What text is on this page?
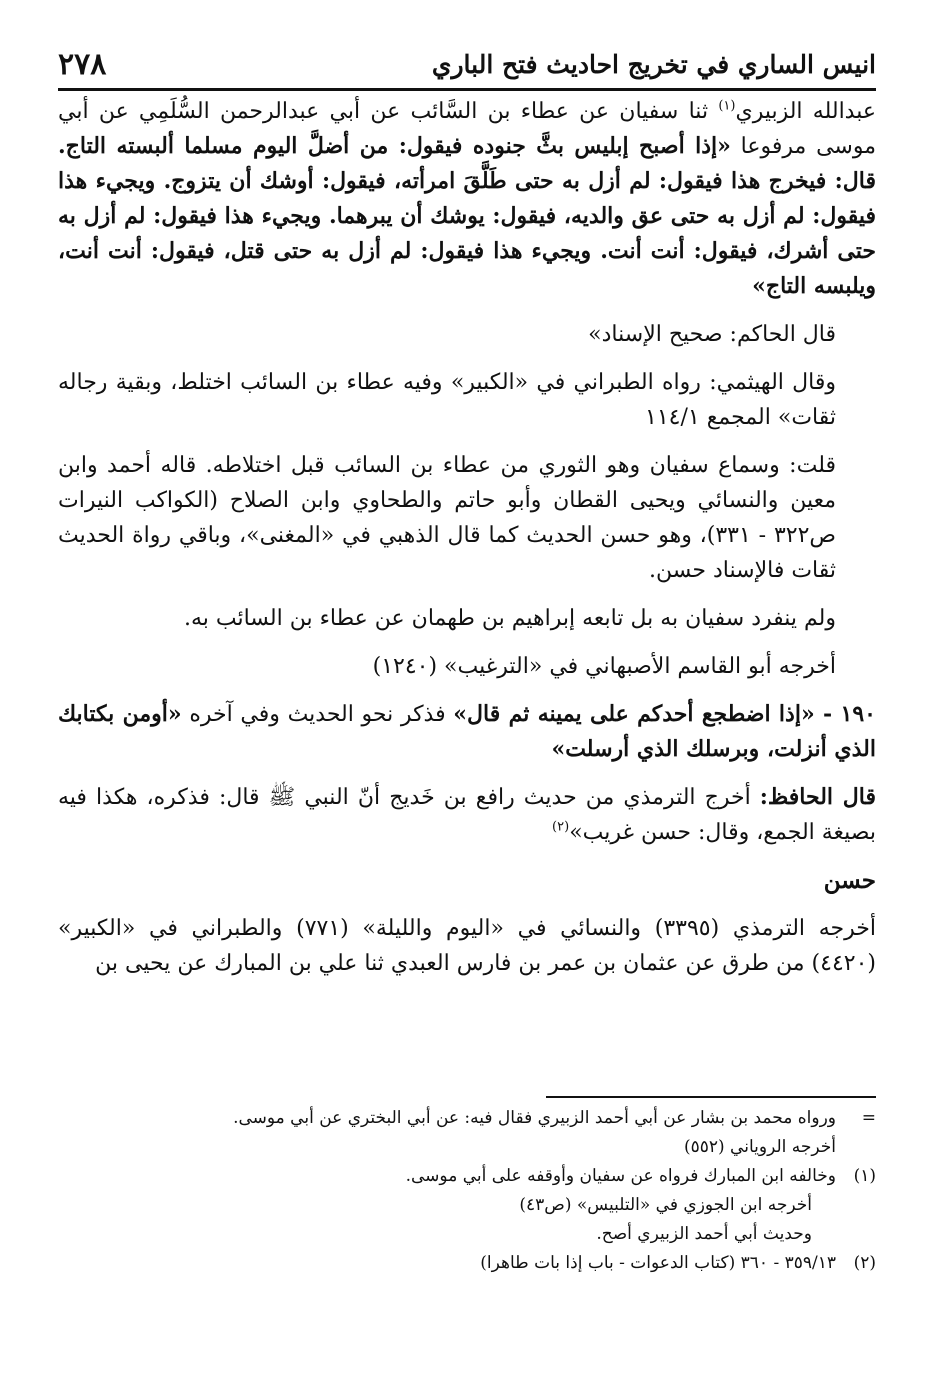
٢٧٨	انيس الساري في تخريج احاديث فتح الباري

عبدالله الزبيري$^{(١)}$ ثنا سفيان عن عطاء بن السَّائب عن أبي عبدالرحمن السُّلَمِي عن أبي موسى مرفوعا «إذا أصبح إبليس بثَّ جنوده فيقول: من أضلَّ اليوم مسلما ألبسته التاج. قال: فيخرج هذا فيقول: لم أزل به حتى طَلَّقَ امرأته، فيقول: أوشك أن يتزوج. ويجيء هذا فيقول: لم أزل به حتى عق والديه، فيقول: يوشك أن يبرهما. ويجيء هذا فيقول: لم أزل به حتى أشرك، فيقول: أنت أنت. ويجيء هذا فيقول: لم أزل به حتى قتل، فيقول: أنت أنت، ويلبسه التاج»

قال الحاكم: صحيح الإسناد»

وقال الهيثمي: رواه الطبراني في «الكبير» وفيه عطاء بن السائب اختلط، وبقية رجاله ثقات» المجمع ١١٤/١

قلت: وسماع سفيان وهو الثوري من عطاء بن السائب قبل اختلاطه. قاله أحمد وابن معين والنسائي ويحيى القطان وأبو حاتم والطحاوي وابن الصلاح (الكواكب النيرات ص٣٢٢ - ٣٣١)، وهو حسن الحديث كما قال الذهبي في «المغنى»، وباقي رواة الحديث ثقات فالإسناد حسن.

ولم ينفرد سفيان به بل تابعه إبراهيم بن طهمان عن عطاء بن السائب به.

أخرجه أبو القاسم الأصبهاني في «الترغيب» (١٢٤٠)

١٩٠ - «إذا اضطجع أحدكم على يمينه ثم قال» فذكر نحو الحديث وفي آخره «أومن بكتابك الذي أنزلت، وبرسلك الذي أرسلت»

قال الحافظ: أخرج الترمذي من حديث رافع بن خَديج أنّ النبي ﷺ قال: فذكره، هكذا فيه بصيغة الجمع، وقال: حسن غريب»$^{(٢)}$

حسن

أخرجه الترمذي (٣٣٩٥) والنسائي في «اليوم والليلة» (٧٧١) والطبراني في «الكبير» (٤٤٢٠) من طرق عن عثمان بن عمر بن فارس العبدي ثنا علي بن المبارك عن يحيى بن

=
ورواه محمد بن بشار عن أبي أحمد الزبيري فقال فيه: عن أبي البختري عن أبي موسى.
أخرجه الروياني (٥٥٢)
(١)
وخالفه ابن المبارك فرواه عن سفيان وأوقفه على أبي موسى.
أخرجه ابن الجوزي في «التلبيس» (ص٤٣)
وحديث أبي أحمد الزبيري أصح.
(٢)
٣٥٩/١٣ - ٣٦٠ (كتاب الدعوات - باب إذا بات طاهرا)
